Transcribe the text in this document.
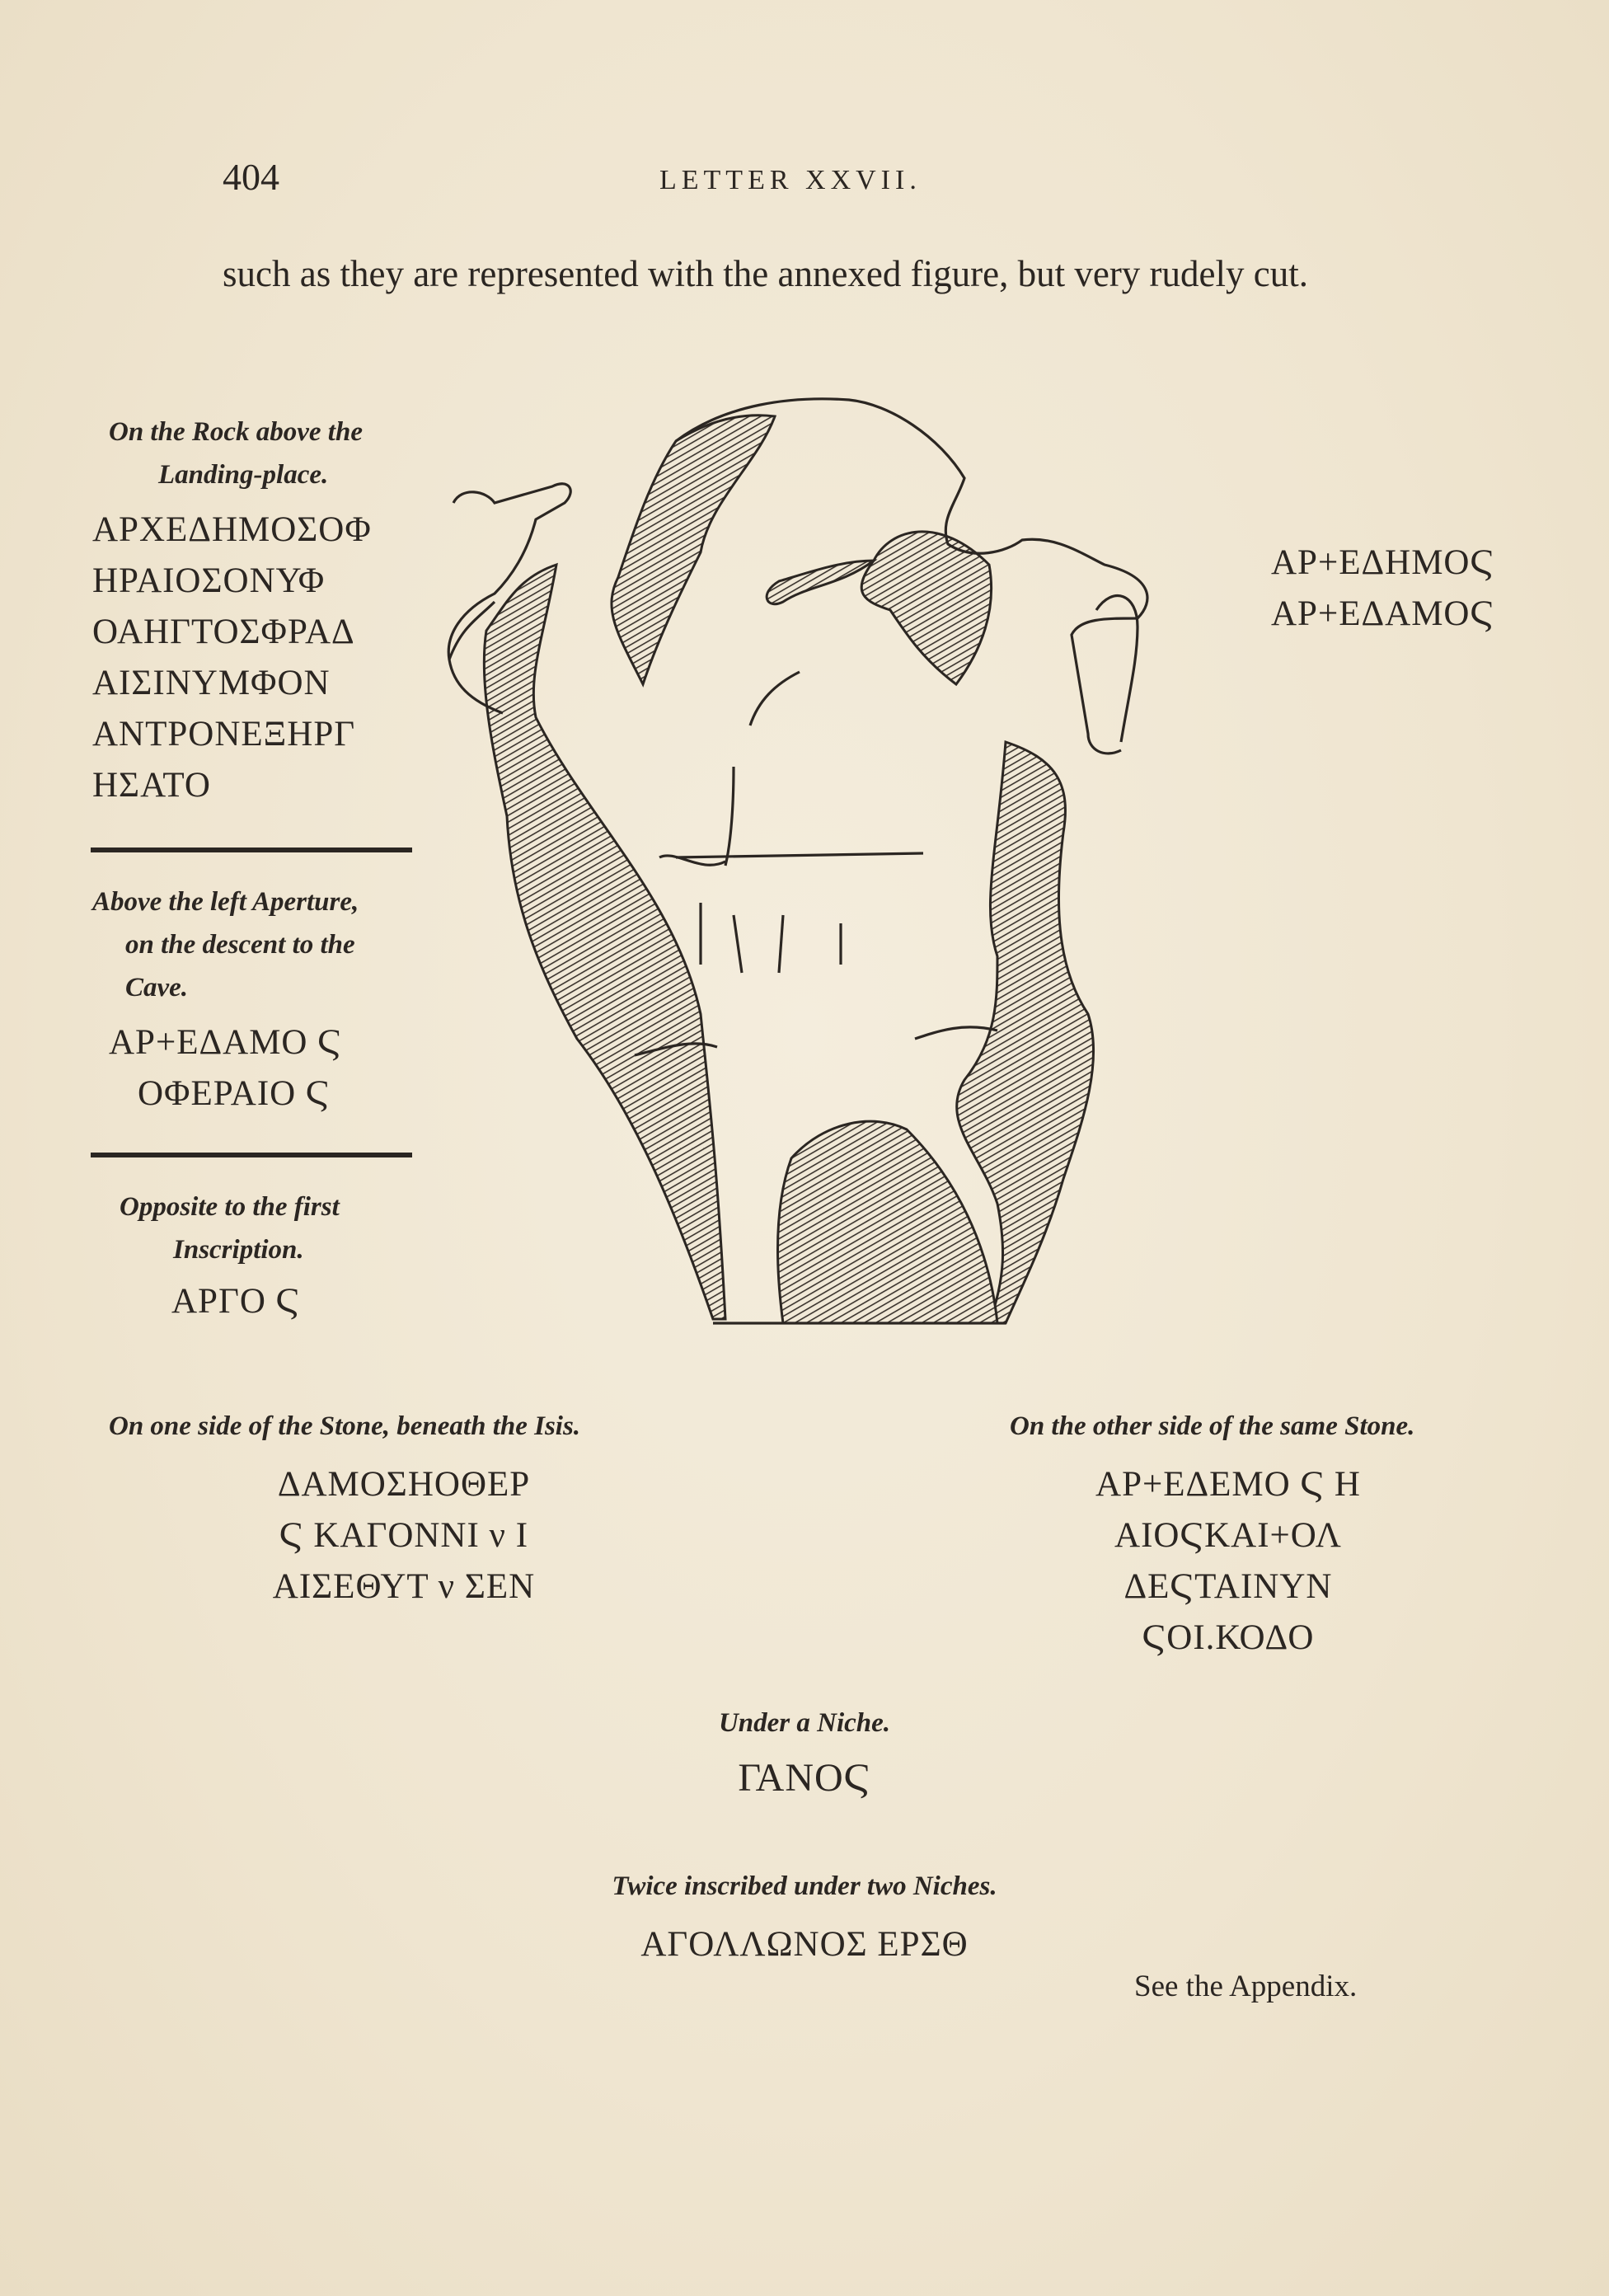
404	LETTER XXVII.
such as they are represented with the annexed figure, but very rudely cut.
On the Rock above the
Landing-place.
ΑΡΧΕΔΗΜΟΣΟΦ
ΗΡΑΙΟΣΟΝΥΦ
ΟΑΗΓΤΟΣΦΡΑΔ
ΑΙΣΙΝΥΜΦΟΝ
ΑΝΤΡΟΝΕΞΗΡΓ
ΗΣΑΤΟ
Above the left Aperture,
on the descent to the
Cave.
ΑΡ+ΕΔΑΜΟ Ϛ
ΟΦΕΡΑΙΟ Ϛ
Opposite to the first
Inscription.
ΑΡΓΟ Ϛ
ΑΡ+ΕΔΗΜΟϚ
ΑΡ+ΕΔΑΜΟϚ
On one side of the Stone, beneath the Isis.
ΔΑΜΟΣΗΟΘΕΡ
Ϛ ΚΑΓΟΝΝΙ ν Ι
ΑΙΣΕΘΥΤ ν ΣΕΝ
On the other side of the same Stone.
ΑΡ+ΕΔΕΜΟ Ϛ Η
ΑΙΟϚΚΑΙ+ΟΛ
ΔΕϚΤΑΙΝΥΝ
ϚΟΙ.ΚΟΔΟ
Under a Niche.
ΓΑΝΟϚ
Twice inscribed under two Niches.
ΑΓΟΛΛΩΝΟΣ ΕΡΣΘ
See the Appendix.
